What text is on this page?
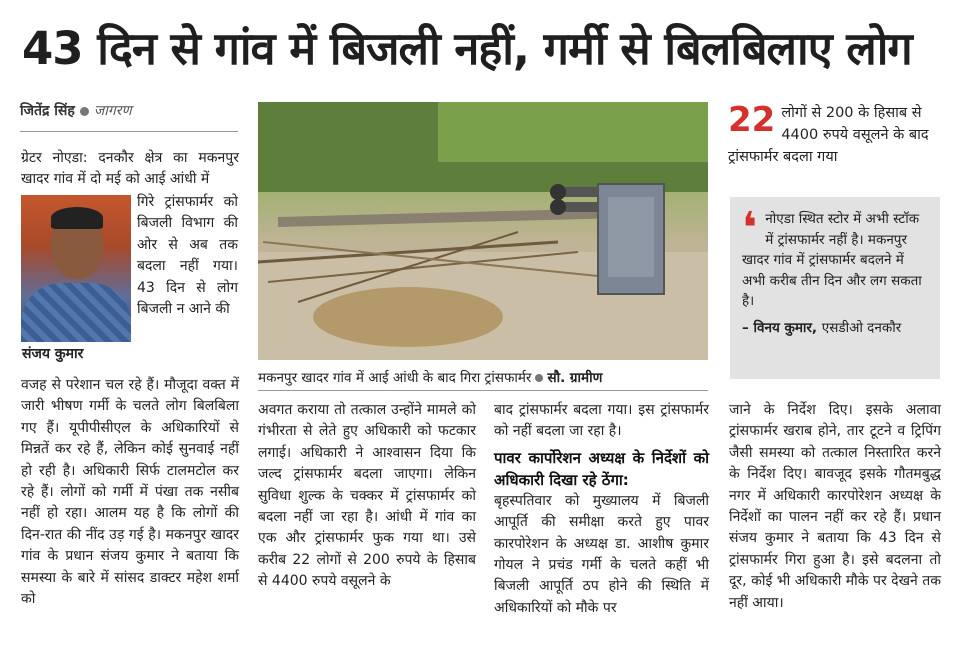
43 दिन से गांव में बिजली नहीं, गर्मी से बिलबिलाए लोग
जितेंद्र सिंह जागरण
ग्रेटर नोएडा: दनकौर क्षेत्र का मकनपुर खादर गांव में दो मई को आई आंधी में
गिरे ट्रांसफार्मर को बिजली विभाग की ओर से अब तक बदला नहीं गया। 43 दिन से लोग बिजली न आने की
संजय कुमार
वजह से परेशान चल रहे हैं। मौजूदा वक्त में जारी भीषण गर्मी के चलते लोग बिलबिला गए हैं। यूपीपीसीएल के अधिकारियों से मिन्नतें कर रहे हैं, लेकिन कोई सुनवाई नहीं हो रही है। अधिकारी सिर्फ टालमटोल कर रहे हैं। लोगों को गर्मी में पंखा तक नसीब नहीं हो रहा। आलम यह है कि लोगों की दिन-रात की नींद उड़ गई है। मकनपुर खादर गांव के प्रधान संजय कुमार ने बताया कि समस्या के बारे में सांसद डाक्टर महेश शर्मा को
मकनपुर खादर गांव में आई आंधी के बाद गिरा ट्रांसफार्मर सौ. ग्रामीण
अवगत कराया तो तत्काल उन्होंने मामले को गंभीरता से लेते हुए अधिकारी को फटकार लगाई। अधिकारी ने आश्वासन दिया कि जल्द ट्रांसफार्मर बदला जाएगा। लेकिन सुविधा शुल्क के चक्कर में ट्रांसफार्मर को बदला नहीं जा रहा है। आंधी में गांव का एक और ट्रांसफार्मर फुक गया था। उसे करीब 22 लोगों से 200 रुपये के हिसाब से 4400 रुपये वसूलने के

बाद ट्रांसफार्मर बदला गया। इस ट्रांसफार्मर को नहीं बदला जा रहा है।

पावर कार्पोरेशन अध्यक्ष के निर्देशों को अधिकारी दिखा रहे ठेंगा:

बृहस्पतिवार को मुख्यालय में बिजली आपूर्ति की समीक्षा करते हुए पावर कारपोरेशन के अध्यक्ष डा. आशीष कुमार गोयल ने प्रचंड गर्मी के चलते कहीं भी बिजली आपूर्ति ठप होने की स्थिति में अधिकारियों को मौके पर

जाने के निर्देश दिए। इसके अलावा ट्रांसफार्मर खराब होने, तार टूटने व ट्रिपिंग जैसी समस्या को तत्काल निस्तारित करने के निर्देश दिए। बावजूद इसके गौतमबुद्ध नगर में अधिकारी कारपोरेशन अध्यक्ष के निर्देशों का पालन नहीं कर रहे हैं। प्रधान संजय कुमार ने बताया कि 43 दिन से ट्रांसफार्मर गिरा हुआ है। इसे बदलना तो दूर, कोई भी अधिकारी मौके पर देखने तक नहीं आया।
22 लोगों से 200 के हिसाब से 4400 रुपये वसूलने के बाद ट्रांसफार्मर बदला गया
❛ नोएडा स्थित स्टोर में अभी स्टॉक में ट्रांसफार्मर नहीं है। मकनपुर खादर गांव में ट्रांसफार्मर बदलने में अभी करीब तीन दिन और लग सकता है।
– विनय कुमार, एसडीओ दनकौर
